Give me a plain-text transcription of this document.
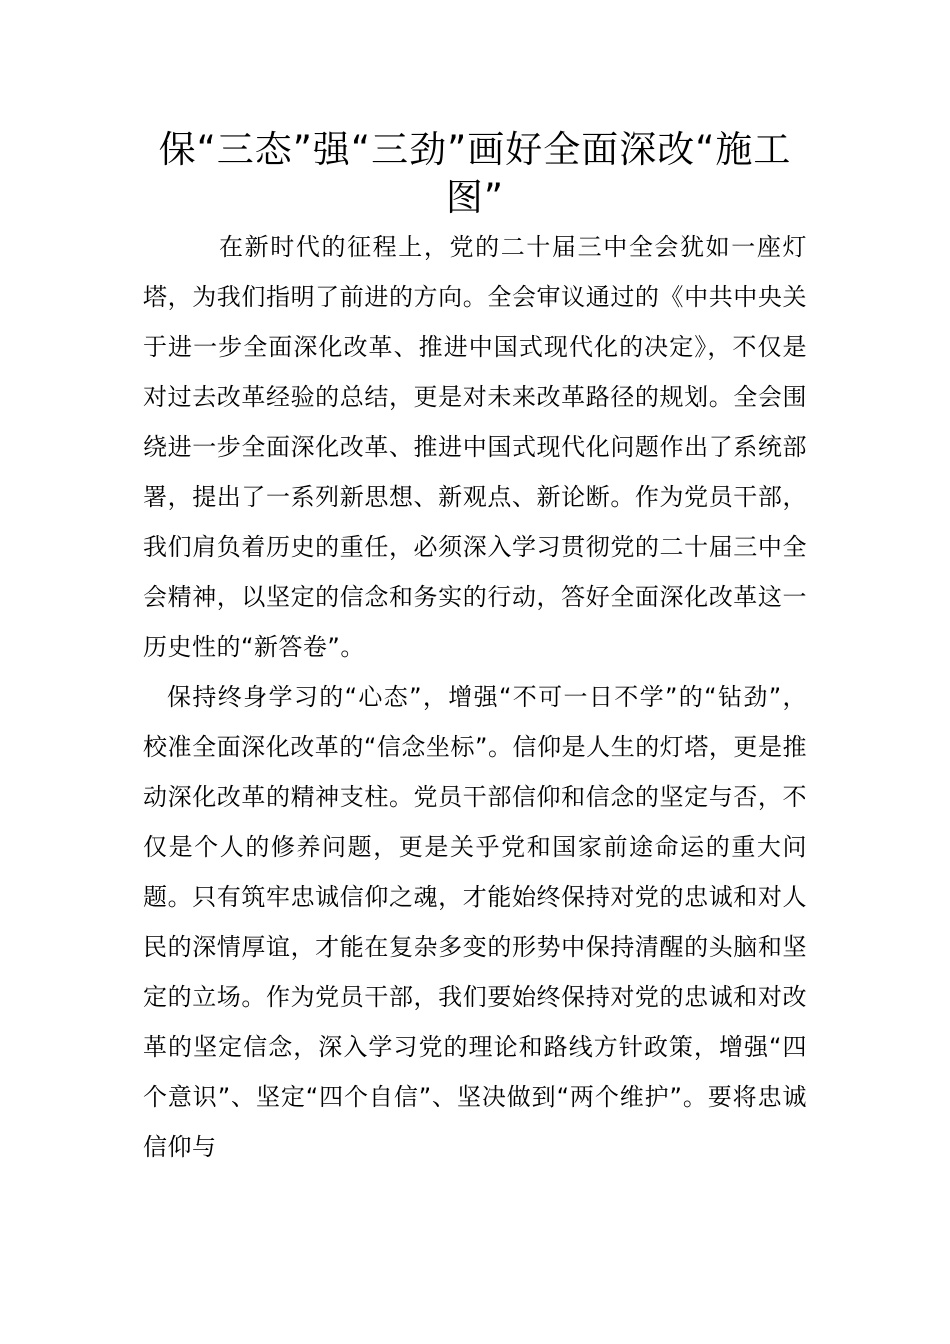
保“三态”强“三劲”画好全面深改“施工图”

在新时代的征程上，党的二十届三中全会犹如一座灯塔，为我们指明了前进的方向。全会审议通过的《中共中央关于进一步全面深化改革、推进中国式现代化的决定》，不仅是对过去改革经验的总结，更是对未来改革路径的规划。全会围绕进一步全面深化改革、推进中国式现代化问题作出了系统部署，提出了一系列新思想、新观点、新论断。作为党员干部，我们肩负着历史的重任，必须深入学习贯彻党的二十届三中全会精神，以坚定的信念和务实的行动，答好全面深化改革这一历史性的“新答卷”。

保持终身学习的“心态”，增强“不可一日不学”的“钻劲”，校准全面深化改革的“信念坐标”。信仰是人生的灯塔，更是推动深化改革的精神支柱。党员干部信仰和信念的坚定与否，不仅是个人的修养问题，更是关乎党和国家前途命运的重大问题。只有筑牢忠诚信仰之魂，才能始终保持对党的忠诚和对人民的深情厚谊，才能在复杂多变的形势中保持清醒的头脑和坚定的立场。作为党员干部，我们要始终保持对党的忠诚和对改革的坚定信念，深入学习党的理论和路线方针政策，增强“四个意识”、坚定“四个自信”、坚决做到“两个维护”。要将忠诚信仰与
